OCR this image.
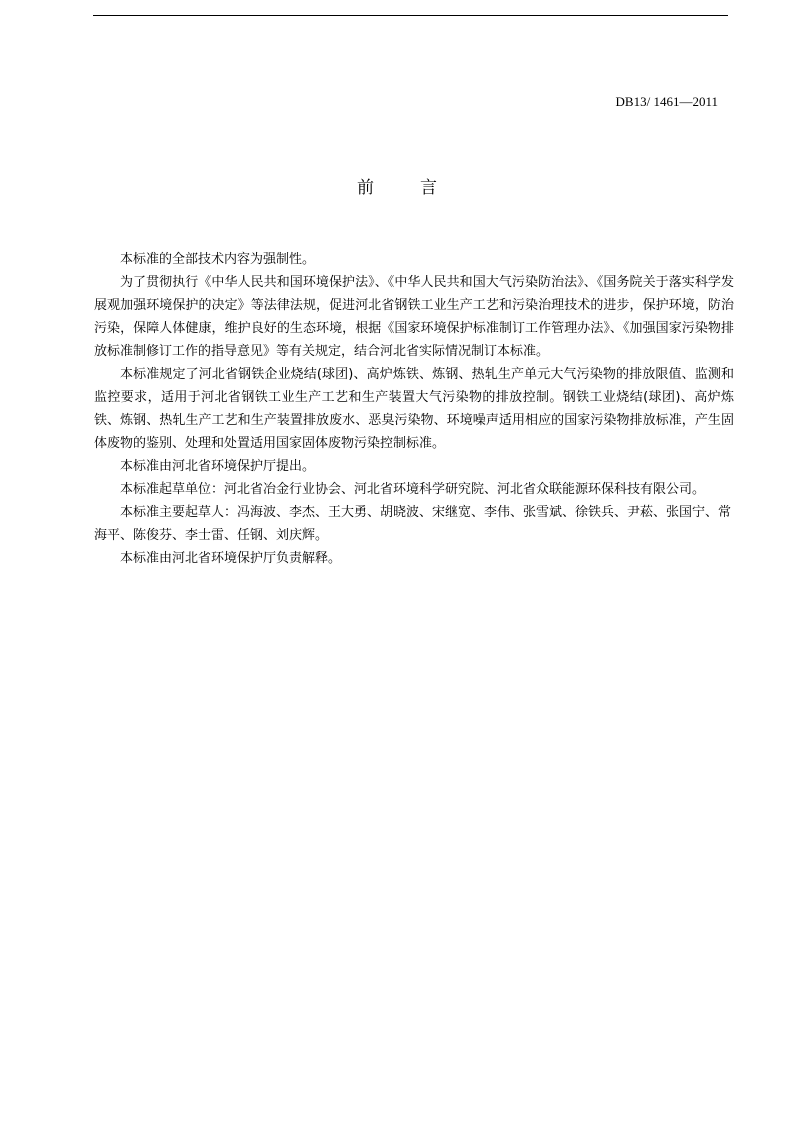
DB13/ 1461—2011
前言

本标准的全部技术内容为强制性。

为了贯彻执行《中华人民共和国环境保护法》、《中华人民共和国大气污染防治法》、《国务院关于落实科学发展观加强环境保护的决定》等法律法规，促进河北省钢铁工业生产工艺和污染治理技术的进步，保护环境，防治污染，保障人体健康，维护良好的生态环境，根据《国家环境保护标准制订工作管理办法》、《加强国家污染物排放标准制修订工作的指导意见》等有关规定，结合河北省实际情况制订本标准。

本标准规定了河北省钢铁企业烧结(球团)、高炉炼铁、炼钢、热轧生产单元大气污染物的排放限值、监测和监控要求，适用于河北省钢铁工业生产工艺和生产装置大气污染物的排放控制。钢铁工业烧结(球团)、高炉炼铁、炼钢、热轧生产工艺和生产装置排放废水、恶臭污染物、环境噪声适用相应的国家污染物排放标准，产生固体废物的鉴别、处理和处置适用国家固体废物污染控制标准。

本标准由河北省环境保护厅提出。

本标准起草单位：河北省冶金行业协会、河北省环境科学研究院、河北省众联能源环保科技有限公司。

本标准主要起草人：冯海波、李杰、王大勇、胡晓波、宋继宽、李伟、张雪斌、徐铁兵、尹菘、张国宁、常海平、陈俊芬、李士雷、任钢、刘庆辉。

本标准由河北省环境保护厅负责解释。
